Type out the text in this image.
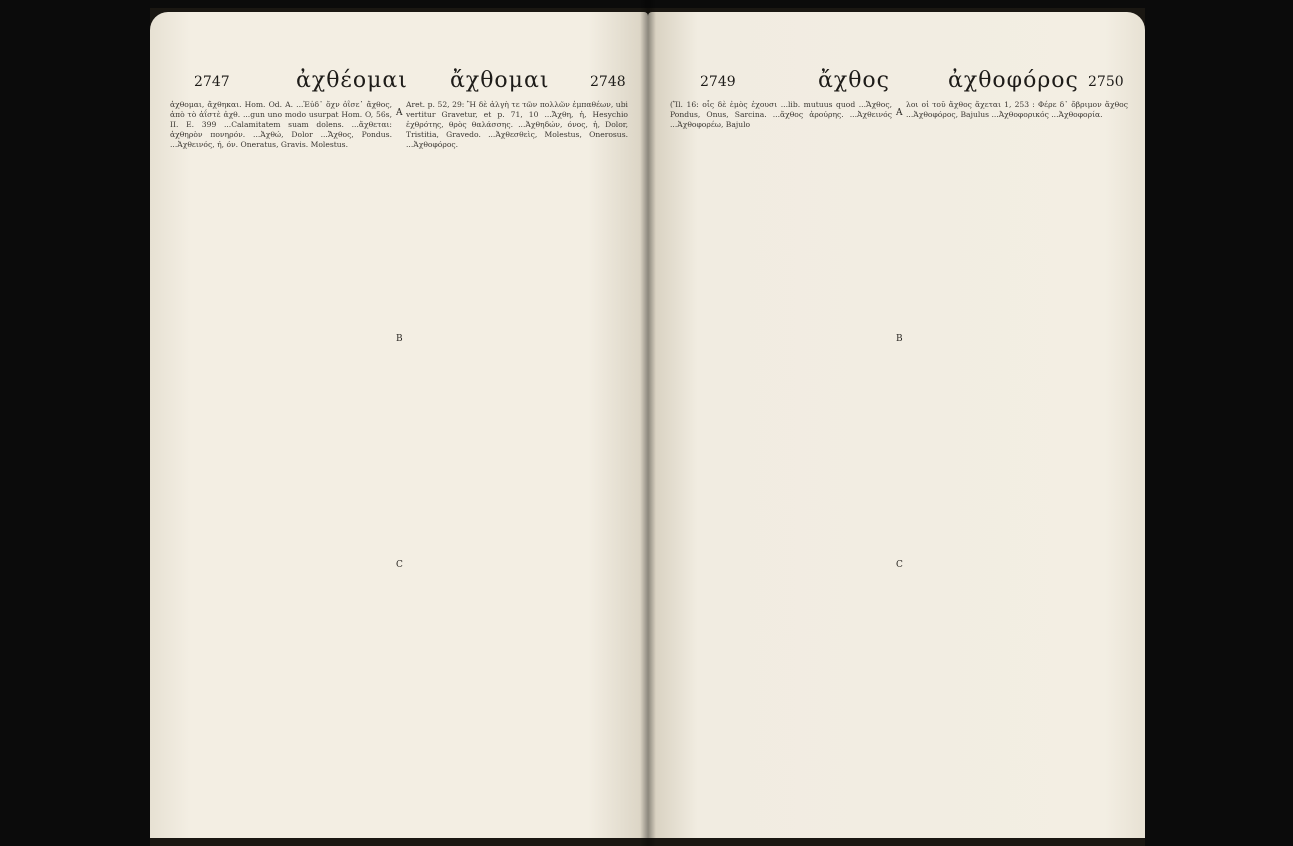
2747	ἀχθέομαι ἄχθομαι	2748

ἀχθομαι, ἄχθηκαι. Hom. Od. A. ...Ἐὐδ᾽ ὄχν ὀΐσε᾽ ἄχθος, ἀπὸ τὸ ἀΐστὲ ἀχθ. ...gun uno modo usurpat Hom. O, 56s, II. E. 399 ...Calamitatem suam dolens. ...ἄχθεται: ἀχθηρὸν πονηρόν. ...Ἀχθώ, Dolor ...Ἄχθος, Pondus. ...Ἀχθεινός, ή, όν. Oneratus, Gravis. Molestus.

Aret. p. 52, 29: Ἢ δὲ ἀλγὴ τε τῶν πολλῶν ἐμπαθέων, ubi vertitur Gravetur, et p. 71, 10 ...Ἄχθη, ἡ, Hesychio ἐχθρότης, θρὸς θαλάσσης. ...Ἀχθηδών, όνος, ἡ, Dolor, Tristitia, Gravedo. ...Ἀχθεσθεὶς, Molestus, Onerosus. ...Ἀχθοφόρος.

A
B
C
2749	ἄχθος	ἀχθοφόρος 2750

(Ἴl. 16: οἷς δὲ ἐμὸς ἐχουσι ...lib. mutuus quod ...Ἄχθος, Pondus, Onus, Sarcina. ...ἄχθος ἀρούρης. ...Ἀχθεινός ...Ἀχθοφορέω, Bajulo

λοι οἱ τοῦ ἄχθος ἄχεται 1, 253 : Φέρε δ᾽ ὄβριμον ἄχθος ...Ἀχθοφόρος, Bajulus ...Ἀχθοφορικός ...Ἀχθοφορία.

A
B
C
